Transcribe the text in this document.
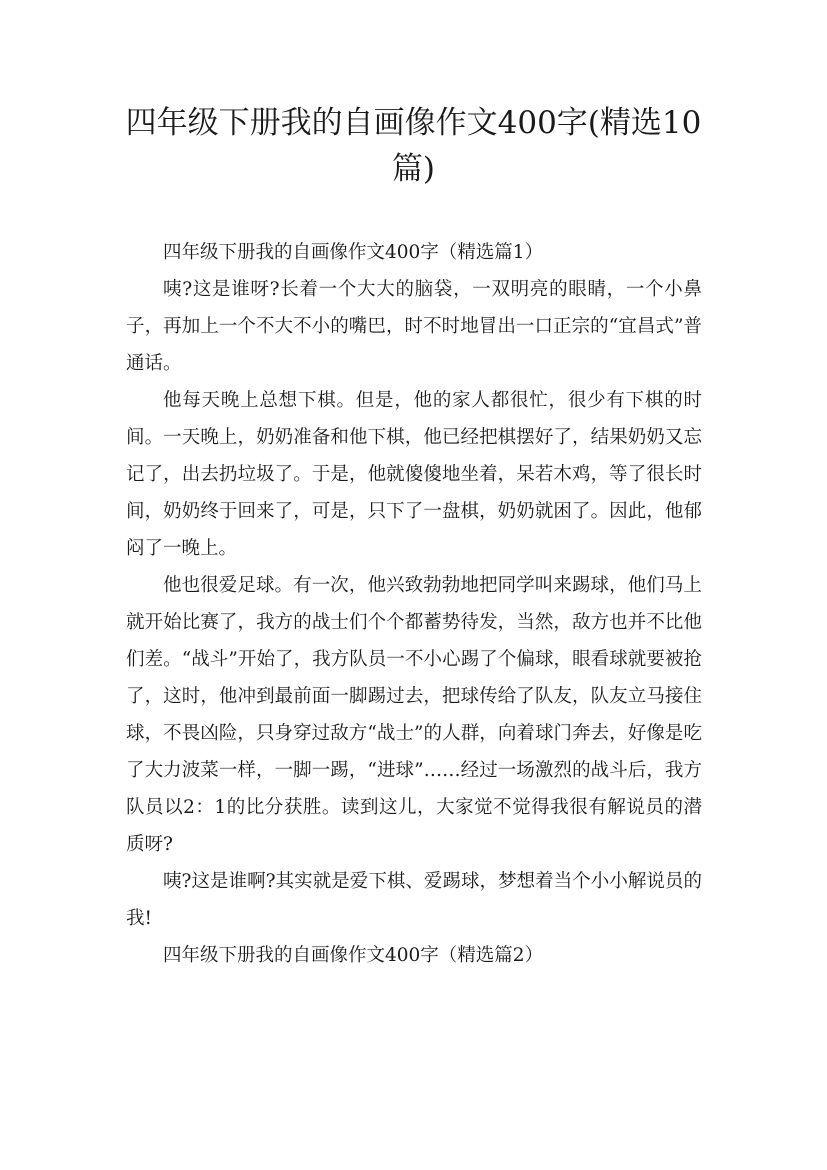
四年级下册我的自画像作文400字(精选10篇)

四年级下册我的自画像作文400字（精选篇1）

咦?这是谁呀?长着一个大大的脑袋，一双明亮的眼睛，一个小鼻子，再加上一个不大不小的嘴巴，时不时地冒出一口正宗的“宜昌式”普通话。

他每天晚上总想下棋。但是，他的家人都很忙，很少有下棋的时间。一天晚上，奶奶准备和他下棋，他已经把棋摆好了，结果奶奶又忘记了，出去扔垃圾了。于是，他就傻傻地坐着，呆若木鸡，等了很长时间，奶奶终于回来了，可是，只下了一盘棋，奶奶就困了。因此，他郁闷了一晚上。

他也很爱足球。有一次，他兴致勃勃地把同学叫来踢球，他们马上就开始比赛了，我方的战士们个个都蓄势待发，当然，敌方也并不比他们差。“战斗”开始了，我方队员一不小心踢了个偏球，眼看球就要被抢了，这时，他冲到最前面一脚踢过去，把球传给了队友，队友立马接住球，不畏凶险，只身穿过敌方“战士”的人群，向着球门奔去，好像是吃了大力波菜一样，一脚一踢，“进球”……经过一场激烈的战斗后，我方队员以2：1的比分获胜。读到这儿，大家觉不觉得我很有解说员的潜质呀?

咦?这是谁啊?其实就是爱下棋、爱踢球，梦想着当个小小解说员的我!

四年级下册我的自画像作文400字（精选篇2）
